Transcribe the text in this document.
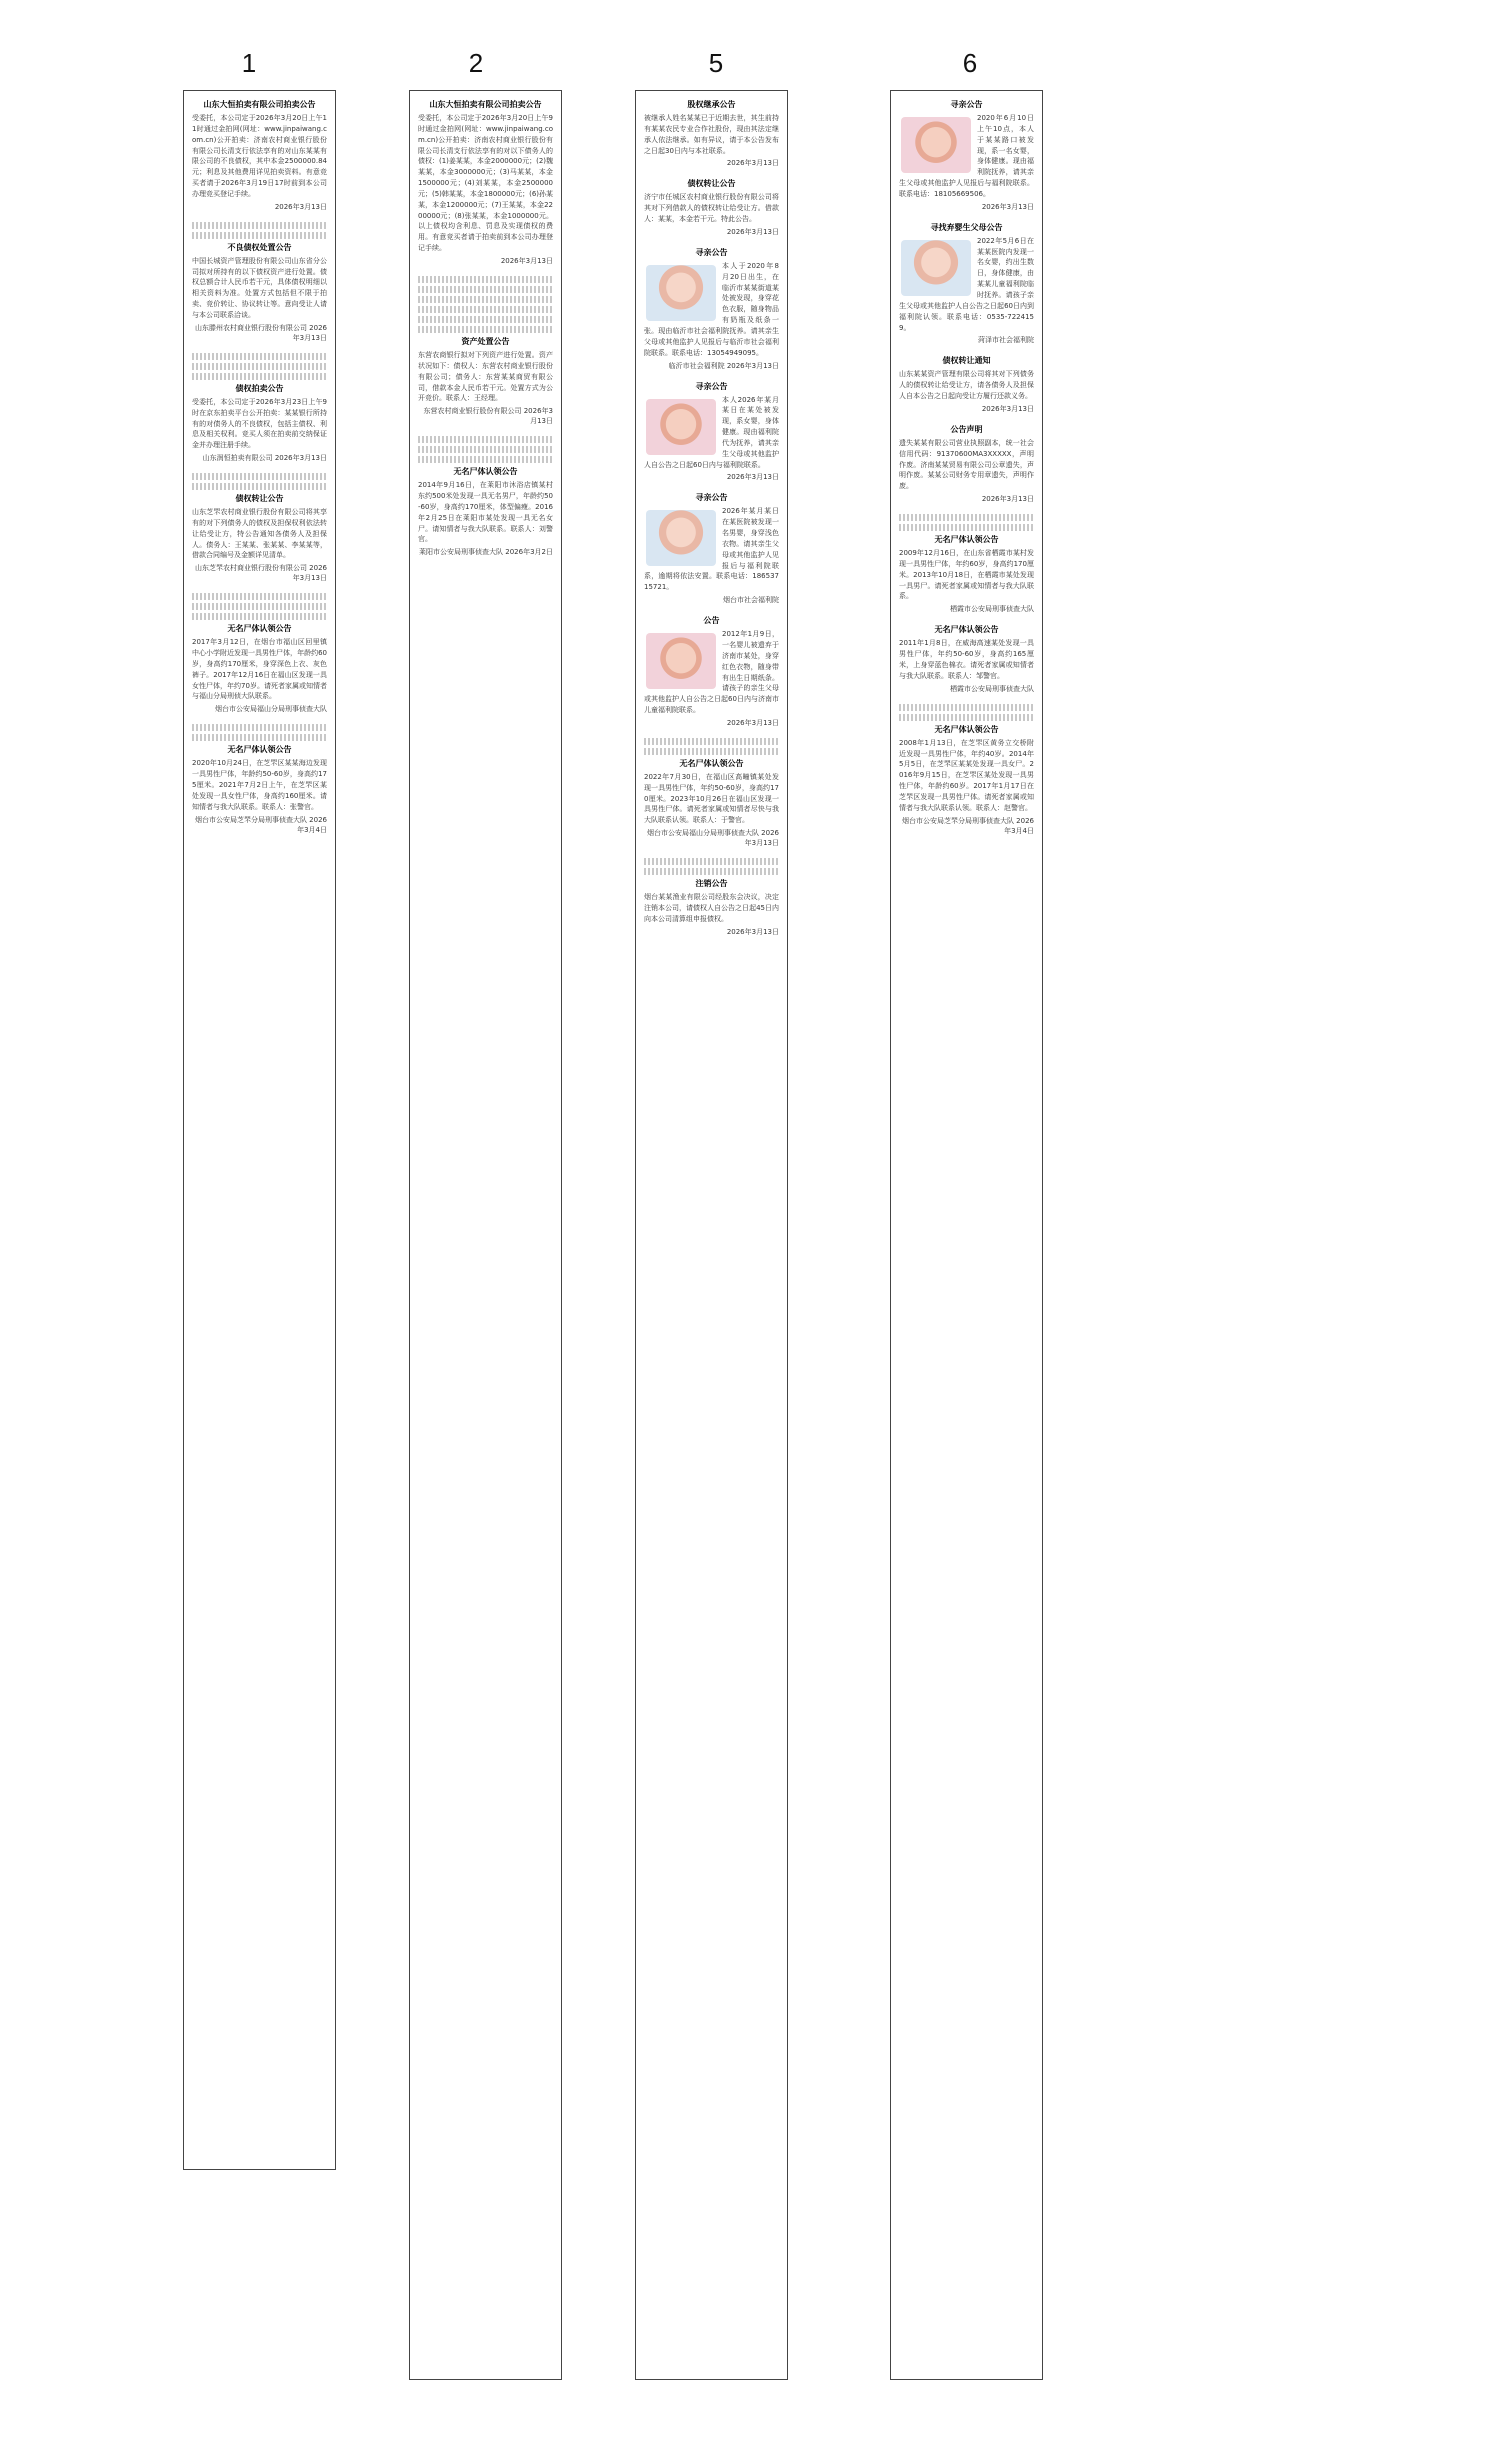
1	2	5	6
山东大恒拍卖有限公司拍卖公告

受委托，本公司定于2026年3月20日上午11时通过金拍网(网址：www.jinpaiwang.com.cn)公开拍卖：济南农村商业银行股份有限公司长清支行依法享有的对山东某某有限公司的不良债权，其中本金2500000.84元；利息及其他费用详见拍卖资料。有意竞买者请于2026年3月19日17时前到本公司办理竞买登记手续。

2026年3月13日
不良债权处置公告

中国长城资产管理股份有限公司山东省分公司拟对所持有的以下债权资产进行处置。债权总额合计人民币若干元，具体债权明细以相关资料为准。处置方式包括但不限于拍卖、竞价转让、协议转让等。意向受让人请与本公司联系洽谈。

山东滕州农村商业银行股份有限公司 2026年3月13日
债权拍卖公告

受委托，本公司定于2026年3月23日上午9时在京东拍卖平台公开拍卖：某某银行所持有的对债务人的不良债权，包括主债权、利息及相关权利。竞买人须在拍卖前交纳保证金并办理注册手续。

山东润恒拍卖有限公司 2026年3月13日
债权转让公告

山东芝罘农村商业银行股份有限公司将其享有的对下列债务人的债权及担保权利依法转让给受让方，特公告通知各债务人及担保人。债务人：王某某、张某某、李某某等，借款合同编号及金额详见清单。

山东芝罘农村商业银行股份有限公司 2026年3月13日
无名尸体认领公告

2017年3月12日，在烟台市福山区回里镇中心小学附近发现一具男性尸体，年龄约60岁，身高约170厘米，身穿深色上衣、灰色裤子。2017年12月16日在福山区发现一具女性尸体，年约70岁。请死者家属或知情者与福山分局刑侦大队联系。

烟台市公安局福山分局刑事侦查大队
无名尸体认领公告

2020年10月24日，在芝罘区某某海边发现一具男性尸体，年龄约50-60岁，身高约175厘米。2021年7月2日上午，在芝罘区某处发现一具女性尸体，身高约160厘米。请知情者与我大队联系。联系人：张警官。

烟台市公安局芝罘分局刑事侦查大队 2026年3月4日
山东大恒拍卖有限公司拍卖公告

受委托，本公司定于2026年3月20日上午9时通过金拍网(网址：www.jinpaiwang.com.cn)公开拍卖：济南农村商业银行股份有限公司长清支行依法享有的对以下债务人的债权：(1)姜某某，本金2000000元；(2)魏某某，本金3000000元；(3)马某某，本金1500000元；(4)刘某某，本金2500000元；(5)韩某某，本金1800000元；(6)孙某某，本金1200000元；(7)王某某，本金2200000元；(8)张某某，本金1000000元。以上债权均含利息、罚息及实现债权的费用。有意竞买者请于拍卖前到本公司办理登记手续。

2026年3月13日
资产处置公告

东营农商银行拟对下列资产进行处置。资产状况如下：债权人：东营农村商业银行股份有限公司；债务人：东营某某商贸有限公司，借款本金人民币若干元。处置方式为公开竞价。联系人：王经理。

东营农村商业银行股份有限公司 2026年3月13日
无名尸体认领公告

2014年9月16日，在莱阳市沐浴店镇某村东约500米处发现一具无名男尸，年龄约50-60岁，身高约170厘米，体型偏瘦。2016年2月25日在莱阳市某处发现一具无名女尸。请知情者与我大队联系。联系人：刘警官。

莱阳市公安局刑事侦查大队 2026年3月2日
股权继承公告

被继承人姓名某某已于近期去世，其生前持有某某农民专业合作社股份，现由其法定继承人依法继承。如有异议，请于本公告发布之日起30日内与本社联系。

2026年3月13日
债权转让公告

济宁市任城区农村商业银行股份有限公司将其对下列借款人的债权转让给受让方。借款人：某某，本金若干元。特此公告。

2026年3月13日
寻亲公告

本人于2020年8月20日出生，在临沂市某某街道某处被发现，身穿花色衣服，随身物品有奶瓶及纸条一张。现由临沂市社会福利院抚养。请其亲生父母或其他监护人见报后与临沂市社会福利院联系。联系电话：13054949095。

临沂市社会福利院 2026年3月13日
寻亲公告

本人2026年某月某日在某处被发现，系女婴，身体健康。现由福利院代为抚养，请其亲生父母或其他监护人自公告之日起60日内与福利院联系。

2026年3月13日
寻亲公告

2026年某月某日在某医院被发现一名男婴，身穿浅色衣物。请其亲生父母或其他监护人见报后与福利院联系，逾期将依法安置。联系电话：18653715721。

烟台市社会福利院
公告

2012年1月9日，一名婴儿被遗弃于济南市某处，身穿红色衣物，随身带有出生日期纸条。请孩子的亲生父母或其他监护人自公告之日起60日内与济南市儿童福利院联系。

2026年3月13日
无名尸体认领公告

2022年7月30日，在福山区高疃镇某处发现一具男性尸体，年约50-60岁，身高约170厘米。2023年10月26日在福山区发现一具男性尸体。请死者家属或知情者尽快与我大队联系认领。联系人：于警官。

烟台市公安局福山分局刑事侦查大队 2026年3月13日
注销公告

烟台某某渔业有限公司经股东会决议，决定注销本公司，请债权人自公告之日起45日内向本公司清算组申报债权。

2026年3月13日
寻亲公告

2020年6月10日上午10点，本人于某某路口被发现，系一名女婴，身体健康。现由福利院抚养，请其亲生父母或其他监护人见报后与福利院联系。联系电话：18105669506。

2026年3月13日
寻找弃婴生父母公告

2022年5月6日在某某医院内发现一名女婴，约出生数日，身体健康，由某某儿童福利院临时抚养。请孩子亲生父母或其他监护人自公告之日起60日内到福利院认领。联系电话：0535-7224159。

菏泽市社会福利院
债权转让通知

山东某某资产管理有限公司将其对下列债务人的债权转让给受让方，请各债务人及担保人自本公告之日起向受让方履行还款义务。

2026年3月13日
公告声明

遗失某某有限公司营业执照副本，统一社会信用代码：91370600MA3XXXXX，声明作废。济南某某贸易有限公司公章遗失，声明作废。某某公司财务专用章遗失，声明作废。

2026年3月13日
无名尸体认领公告

2009年12月16日，在山东省栖霞市某村发现一具男性尸体，年约60岁，身高约170厘米。2013年10月18日，在栖霞市某处发现一具男尸。请死者家属或知情者与我大队联系。

栖霞市公安局刑事侦查大队
无名尸体认领公告

2011年1月8日，在威海高速某处发现一具男性尸体，年约50-60岁，身高约165厘米，上身穿蓝色棉衣。请死者家属或知情者与我大队联系。联系人：邹警官。

栖霞市公安局刑事侦查大队
无名尸体认领公告

2008年1月13日，在芝罘区黄务立交桥附近发现一具男性尸体，年约40岁。2014年5月5日，在芝罘区某某处发现一具女尸。2016年9月15日，在芝罘区某处发现一具男性尸体，年龄约60岁。2017年1月17日在芝罘区发现一具男性尸体。请死者家属或知情者与我大队联系认领。联系人：赵警官。

烟台市公安局芝罘分局刑事侦查大队 2026年3月4日
